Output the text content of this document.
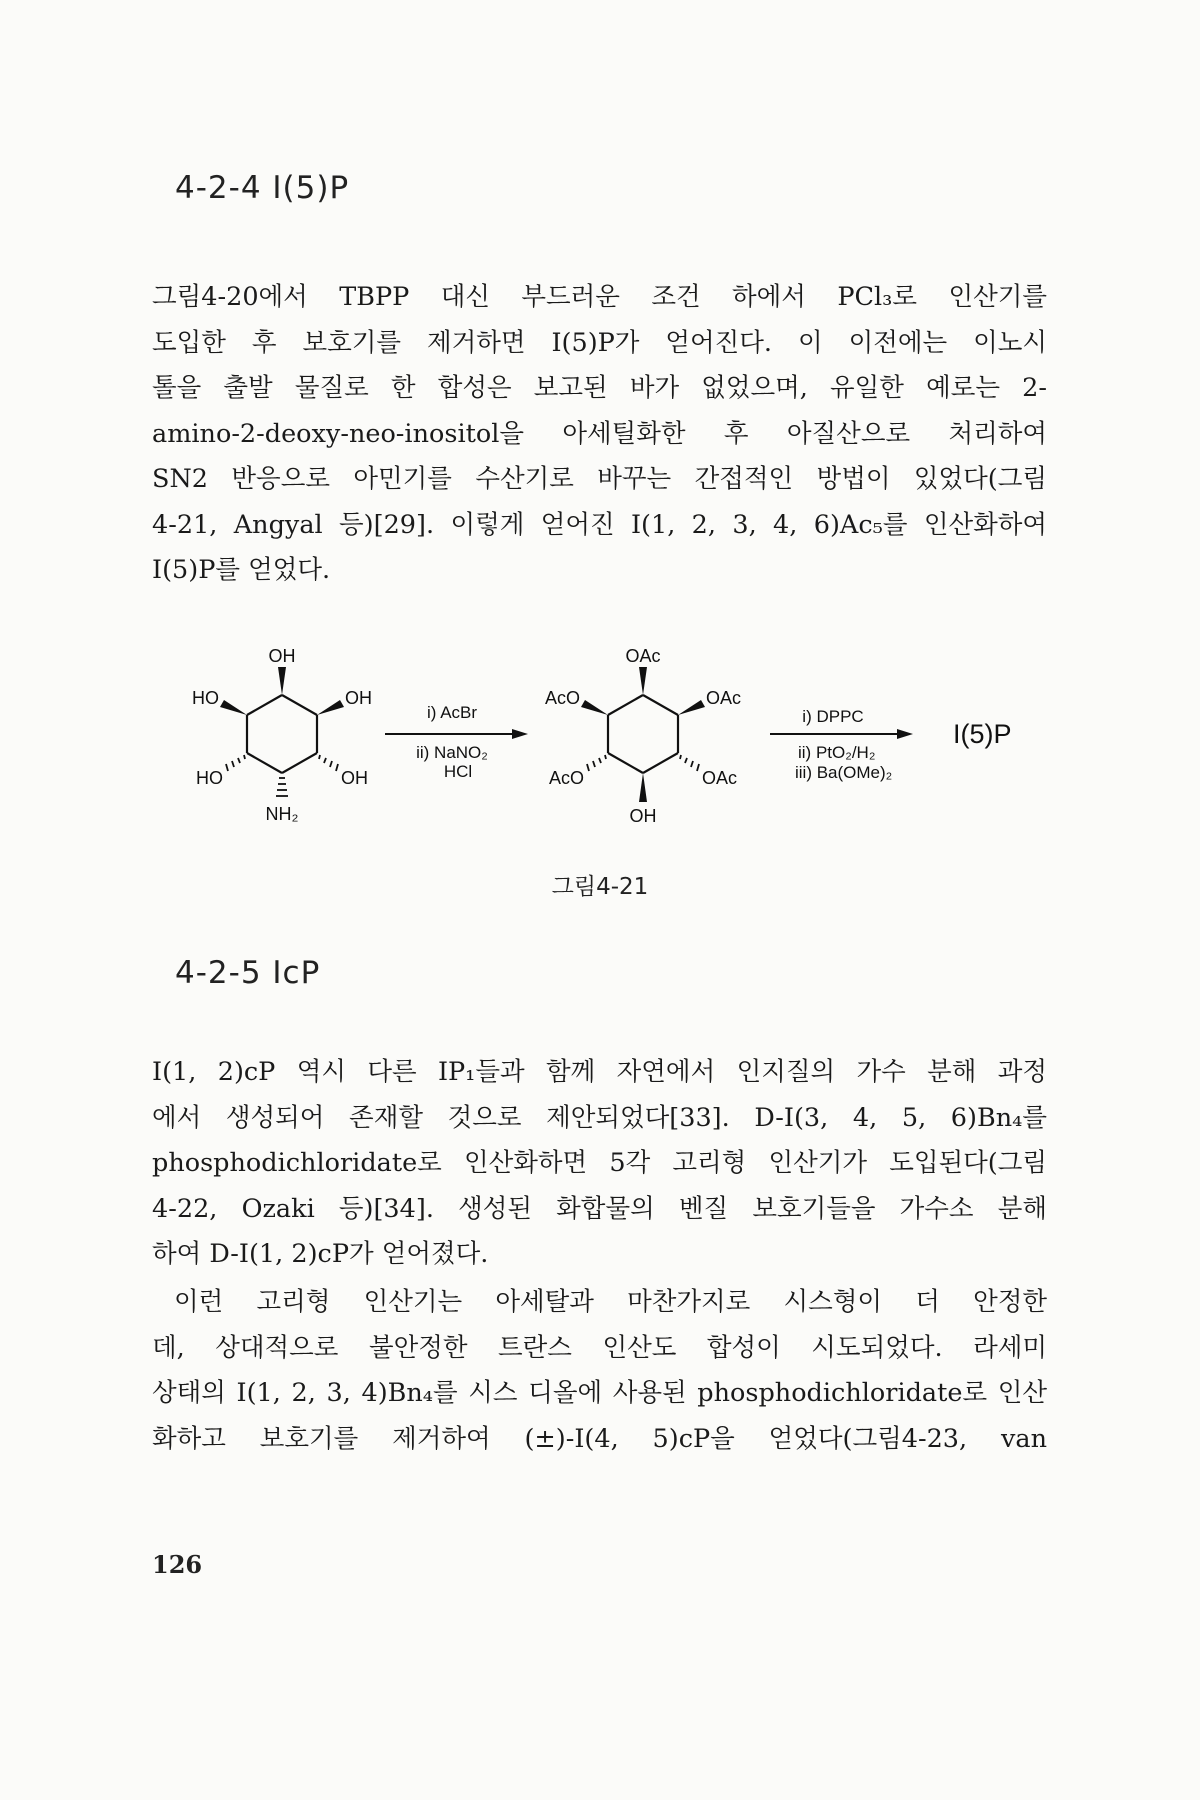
4-2-4 I(5)P
그림4-20에서 TBPP 대신 부드러운 조건 하에서 PCl₃로 인산기를
도입한 후 보호기를 제거하면 I(5)P가 얻어진다. 이 이전에는 이노시
톨을 출발 물질로 한 합성은 보고된 바가 없었으며, 유일한 예로는 2-
amino-2-deoxy-neo-inositol을 아세틸화한 후 아질산으로 처리하여
SN2 반응으로 아민기를 수산기로 바꾸는 간접적인 방법이 있었다(그림
4-21, Angyal 등)[29]. 이렇게 얻어진 I(1, 2, 3, 4, 6)Ac₅를 인산화하여
I(5)P를 얻었다.
OH
OH
HO
HO	OH
NH₂
i) AcBr
ii) NaNO₂
HCl
OAc
OAc
AcO
AcO	OAc
OH
i) DPPC
ii) PtO₂/H₂
iii) Ba(OMe)₂
I(5)P
그림4-21
4-2-5 IcP
I(1, 2)cP 역시 다른 IP₁들과 함께 자연에서 인지질의 가수 분해 과정
에서 생성되어 존재할 것으로 제안되었다[33]. D-I(3, 4, 5, 6)Bn₄를
phosphodichloridate로 인산화하면 5각 고리형 인산기가 도입된다(그림
4-22, Ozaki 등)[34]. 생성된 화합물의 벤질 보호기들을 가수소 분해
하여 D-I(1, 2)cP가 얻어졌다.
이런 고리형 인산기는 아세탈과 마찬가지로 시스형이 더 안정한
데, 상대적으로 불안정한 트란스 인산도 합성이 시도되었다. 라세미
상태의 I(1, 2, 3, 4)Bn₄를 시스 디올에 사용된 phosphodichloridate로 인산
화하고 보호기를 제거하여 (±)-I(4, 5)cP을 얻었다(그림4-23, van
126
